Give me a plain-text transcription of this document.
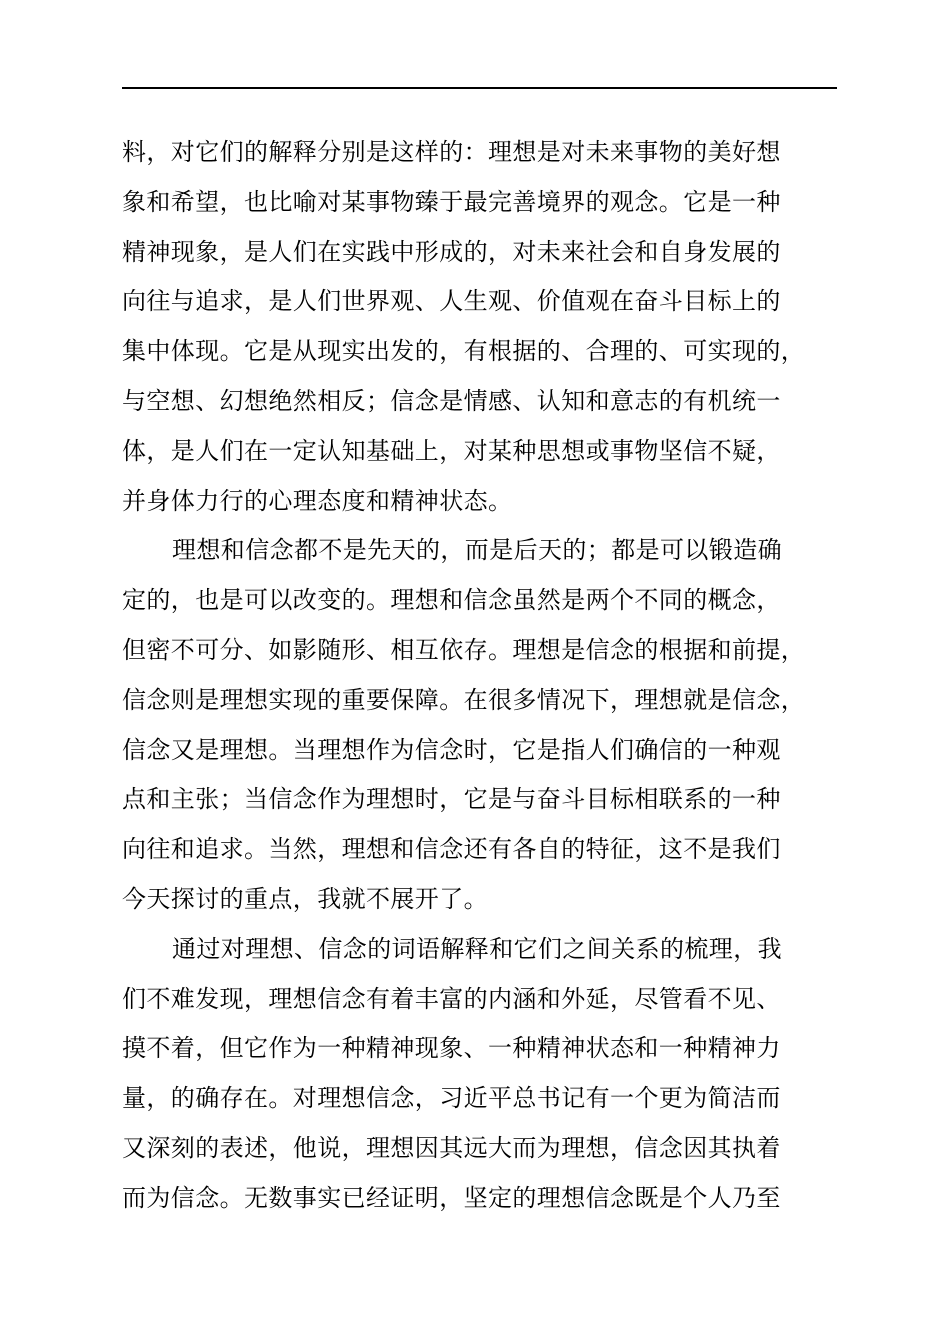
料，对它们的解释分别是这样的：理想是对未来事物的美好想
象和希望，也比喻对某事物臻于最完善境界的观念。它是一种
精神现象，是人们在实践中形成的，对未来社会和自身发展的
向往与追求，是人们世界观、人生观、价值观在奋斗目标上的
集中体现。它是从现实出发的，有根据的、合理的、可实现的，
与空想、幻想绝然相反；信念是情感、认知和意志的有机统一
体，是人们在一定认知基础上，对某种思想或事物坚信不疑，
并身体力行的心理态度和精神状态。
理想和信念都不是先天的，而是后天的；都是可以锻造确
定的，也是可以改变的。理想和信念虽然是两个不同的概念，
但密不可分、如影随形、相互依存。理想是信念的根据和前提，
信念则是理想实现的重要保障。在很多情况下，理想就是信念，
信念又是理想。当理想作为信念时，它是指人们确信的一种观
点和主张；当信念作为理想时，它是与奋斗目标相联系的一种
向往和追求。当然，理想和信念还有各自的特征，这不是我们
今天探讨的重点，我就不展开了。
通过对理想、信念的词语解释和它们之间关系的梳理，我
们不难发现，理想信念有着丰富的内涵和外延，尽管看不见、
摸不着，但它作为一种精神现象、一种精神状态和一种精神力
量，的确存在。对理想信念，习近平总书记有一个更为简洁而
又深刻的表述，他说，理想因其远大而为理想，信念因其执着
而为信念。无数事实已经证明，坚定的理想信念既是个人乃至
